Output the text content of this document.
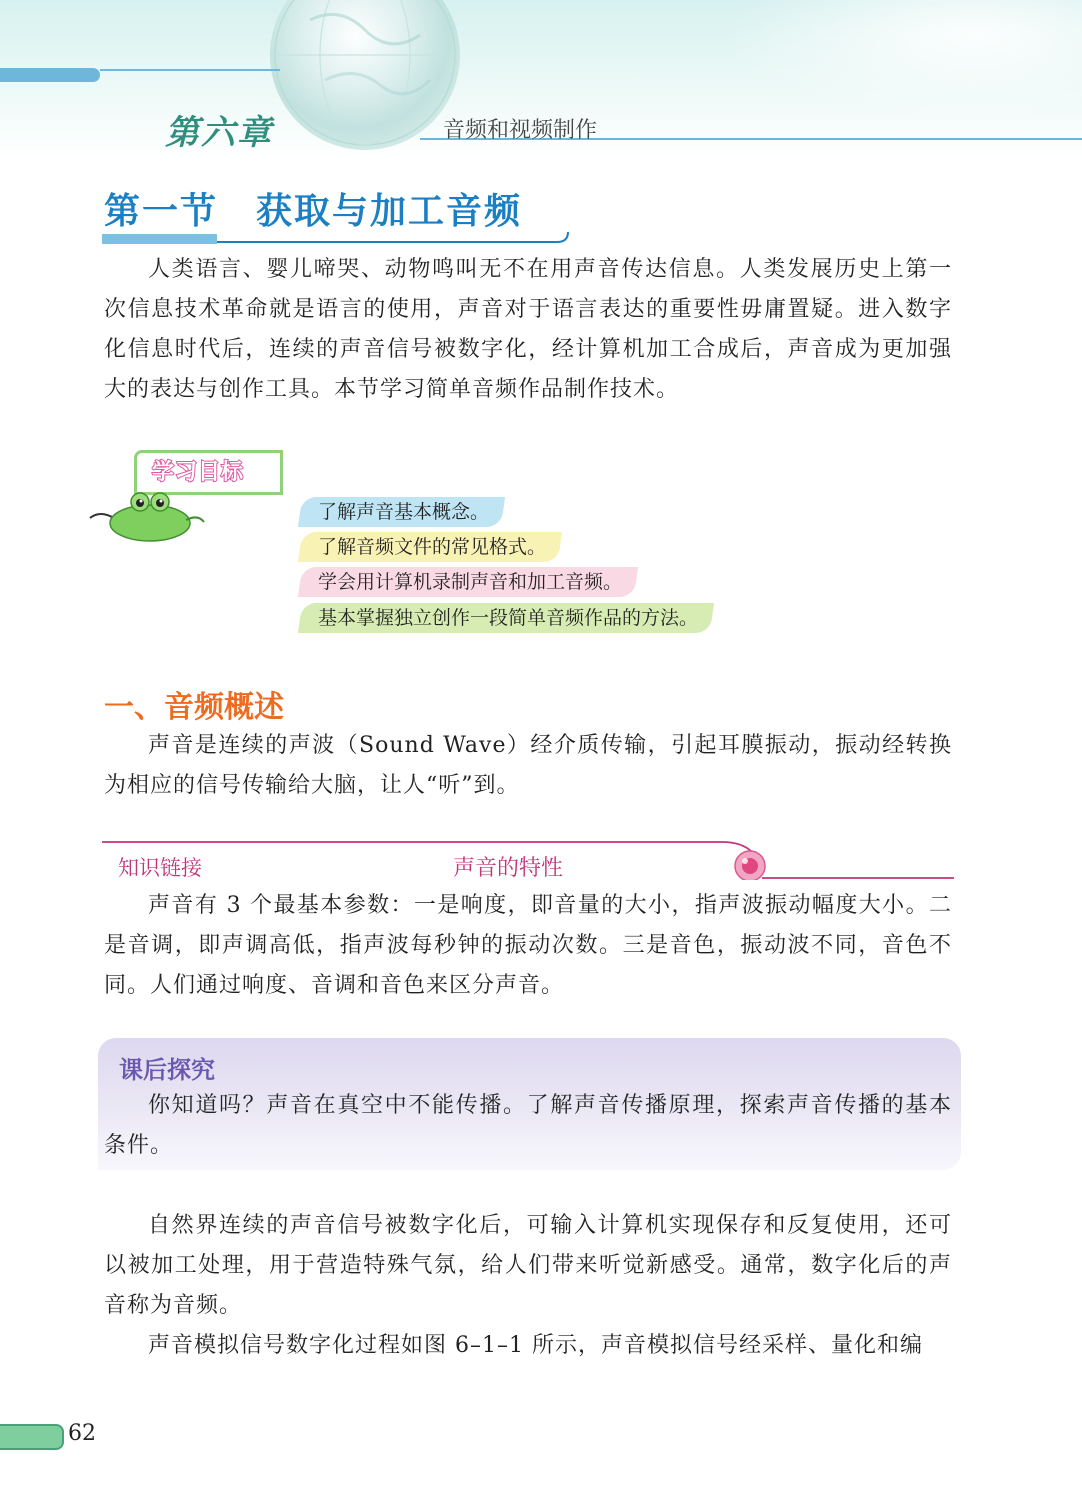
第六章	音频和视频制作
第一节　获取与加工音频

人类语言、婴儿啼哭、动物鸣叫无不在用声音传达信息。人类发展历史上第一次信息技术革命就是语言的使用，声音对于语言表达的重要性毋庸置疑。进入数字化信息时代后，连续的声音信号被数字化，经计算机加工合成后，声音成为更加强大的表达与创作工具。本节学习简单音频作品制作技术。

学习目标
了解声音基本概念。
了解音频文件的常见格式。
学会用计算机录制声音和加工音频。
基本掌握独立创作一段简单音频作品的方法。
一、音频概述

声音是连续的声波（Sound Wave）经介质传输，引起耳膜振动，振动经转换为相应的信号传输给大脑，让人“听”到。

知识链接	声音的特性

声音有 3 个最基本参数：一是响度，即音量的大小，指声波振动幅度大小。二是音调，即声调高低，指声波每秒钟的振动次数。三是音色，振动波不同，音色不同。人们通过响度、音调和音色来区分声音。

课后探究

你知道吗？声音在真空中不能传播。了解声音传播原理，探索声音传播的基本条件。

自然界连续的声音信号被数字化后，可输入计算机实现保存和反复使用，还可以被加工处理，用于营造特殊气氛，给人们带来听觉新感受。通常，数字化后的声音称为音频。

声音模拟信号数字化过程如图 6–1–1 所示，声音模拟信号经采样、量化和编

62
